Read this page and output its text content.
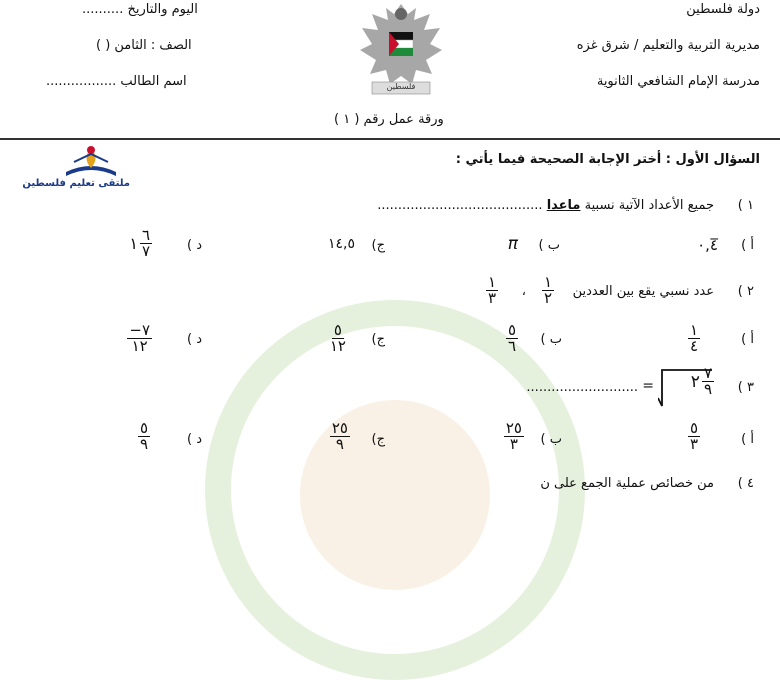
دولة فلسطين
مديرية التربية والتعليم / شرق غزه
مدرسة الإمام الشافعي الثانوية
اليوم والتاريخ ..........
الصف : الثامن ( )
اسم الطالب .................	فلسطين
ورقة عمل رقم ( ١ )
ملتقى تعليم فلسطين
السؤال الأول : أختر الإجابة الصحيحة فيما يأتي :
١ )
جميع الأعداد الآتية نسبية ماعدا ........................................
أ )
٠,٤̅
ب )
π
ج)
١٤,٥
د )
$\frac{٦}{٧}$
١
٢ )
عدد نسبي يقع بين العددين
$\frac{١}{٢}$
،
$\frac{١}{٣}$
أ )
$\frac{١}{٤}$
ب )
$\frac{٥}{٦}$
ج)
$\frac{٥}{١٢}$
د )
$\frac{٧-}{١٢}$
٣ )
٢ $\frac{٧}{٩}$
=
...........................
أ )
$\frac{٥}{٣}$
ب )
$\frac{٢٥}{٣}$
ج)
$\frac{٢٥}{٩}$
د )
$\frac{٥}{٩}$
٤ )
من خصائص عملية الجمع على ن
